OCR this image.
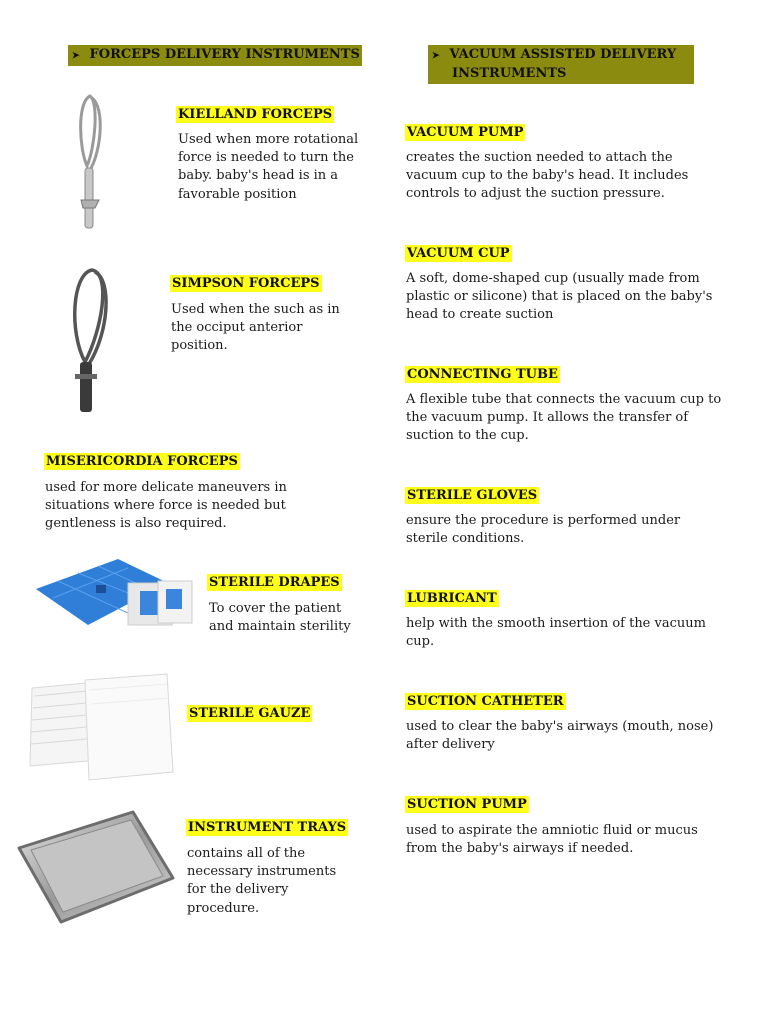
➤ FORCEPS DELIVERY INSTRUMENTS	➤ VACUUM ASSISTED DELIVERY INSTRUMENTS
KIELLAND FORCEPS

Used when more rotational force is needed to turn the baby. baby's head is in a favorable position

SIMPSON FORCEPS

Used when the such as in the occiput anterior position.

MISERICORDIA FORCEPS

used for more delicate maneuvers in situations where force is needed but gentleness is also required.

STERILE DRAPES

To cover the patient and maintain sterility

STERILE GAUZE
INSTRUMENT TRAYS

contains all of the necessary instruments for the delivery procedure.

VACUUM PUMP

creates the suction needed to attach the vacuum cup to the baby's head. It includes controls to adjust the suction pressure.

VACUUM CUP

A soft, dome-shaped cup (usually made from plastic or silicone) that is placed on the baby's head to create suction

CONNECTING TUBE

A flexible tube that connects the vacuum cup to the vacuum pump. It allows the transfer of suction to the cup.

STERILE GLOVES

ensure the procedure is performed under sterile conditions.

LUBRICANT

help with the smooth insertion of the vacuum cup.

SUCTION CATHETER

used to clear the baby's airways (mouth, nose) after delivery

SUCTION PUMP

used to aspirate the amniotic fluid or mucus from the baby's airways if needed.
